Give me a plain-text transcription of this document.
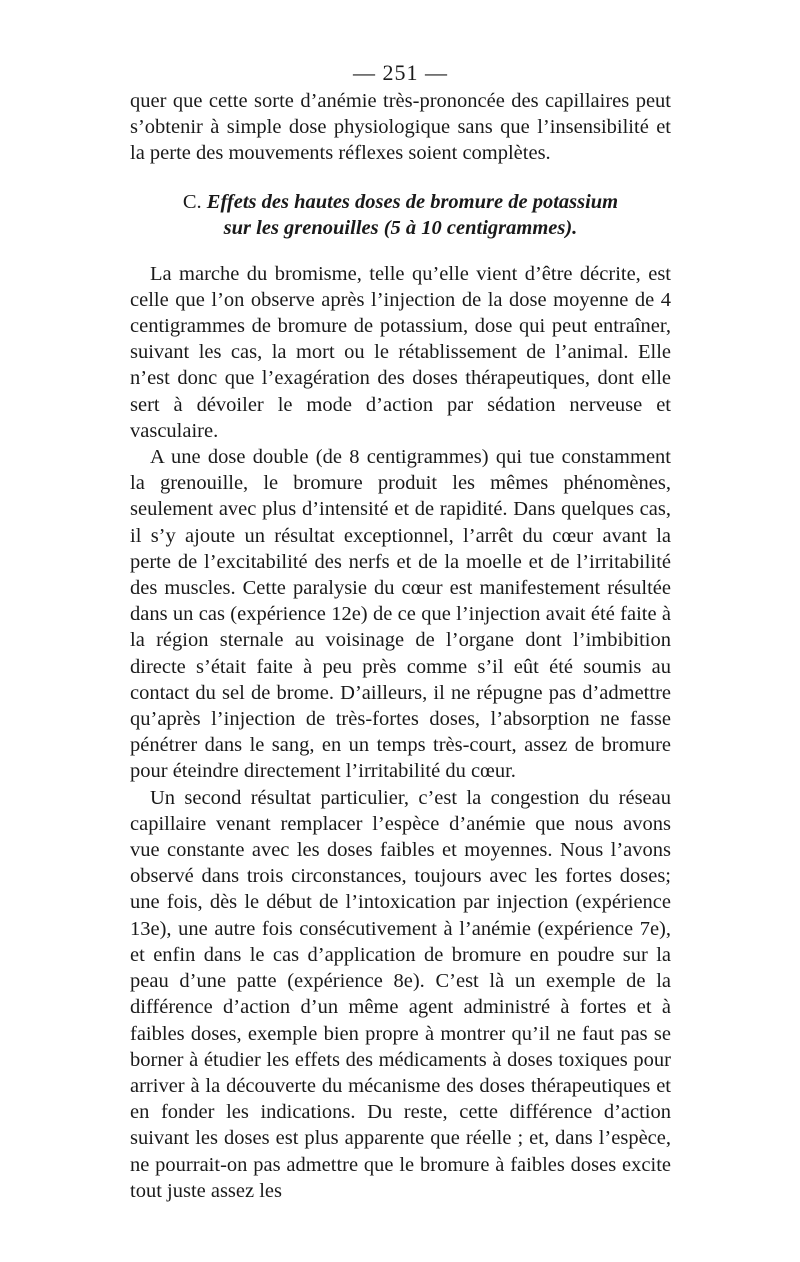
— 251 —

quer que cette sorte d’anémie très-prononcée des capillaires peut s’obtenir à simple dose physiologique sans que l’insensibilité et la perte des mouvements réflexes soient complètes.

C. Effets des hautes doses de bromure de potassium
sur les grenouilles (5 à 10 centigrammes).

La marche du bromisme, telle qu’elle vient d’être décrite, est celle que l’on observe après l’injection de la dose moyenne de 4 centigrammes de bromure de potassium, dose qui peut entraîner, suivant les cas, la mort ou le rétablissement de l’animal. Elle n’est donc que l’exagération des doses thérapeutiques, dont elle sert à dévoiler le mode d’action par sédation nerveuse et vasculaire.

A une dose double (de 8 centigrammes) qui tue constamment la grenouille, le bromure produit les mêmes phénomènes, seulement avec plus d’intensité et de rapidité. Dans quelques cas, il s’y ajoute un résultat exceptionnel, l’arrêt du cœur avant la perte de l’excitabilité des nerfs et de la moelle et de l’irritabilité des muscles. Cette paralysie du cœur est manifestement résultée dans un cas (expérience 12e) de ce que l’injection avait été faite à la région sternale au voisinage de l’organe dont l’imbibition directe s’était faite à peu près comme s’il eût été soumis au contact du sel de brome. D’ailleurs, il ne répugne pas d’admettre qu’après l’injection de très-fortes doses, l’absorption ne fasse pénétrer dans le sang, en un temps très-court, assez de bromure pour éteindre directement l’irritabilité du cœur.

Un second résultat particulier, c’est la congestion du réseau capillaire venant remplacer l’espèce d’anémie que nous avons vue constante avec les doses faibles et moyennes. Nous l’avons observé dans trois circonstances, toujours avec les fortes doses; une fois, dès le début de l’intoxication par injection (expérience 13e), une autre fois consécutivement à l’anémie (expérience 7e), et enfin dans le cas d’application de bromure en poudre sur la peau d’une patte (expérience 8e). C’est là un exemple de la différence d’action d’un même agent administré à fortes et à faibles doses, exemple bien propre à montrer qu’il ne faut pas se borner à étudier les effets des médicaments à doses toxiques pour arriver à la découverte du mécanisme des doses thérapeutiques et en fonder les indications. Du reste, cette différence d’action suivant les doses est plus apparente que réelle ; et, dans l’espèce, ne pourrait-on pas admettre que le bromure à faibles doses excite tout juste assez les
